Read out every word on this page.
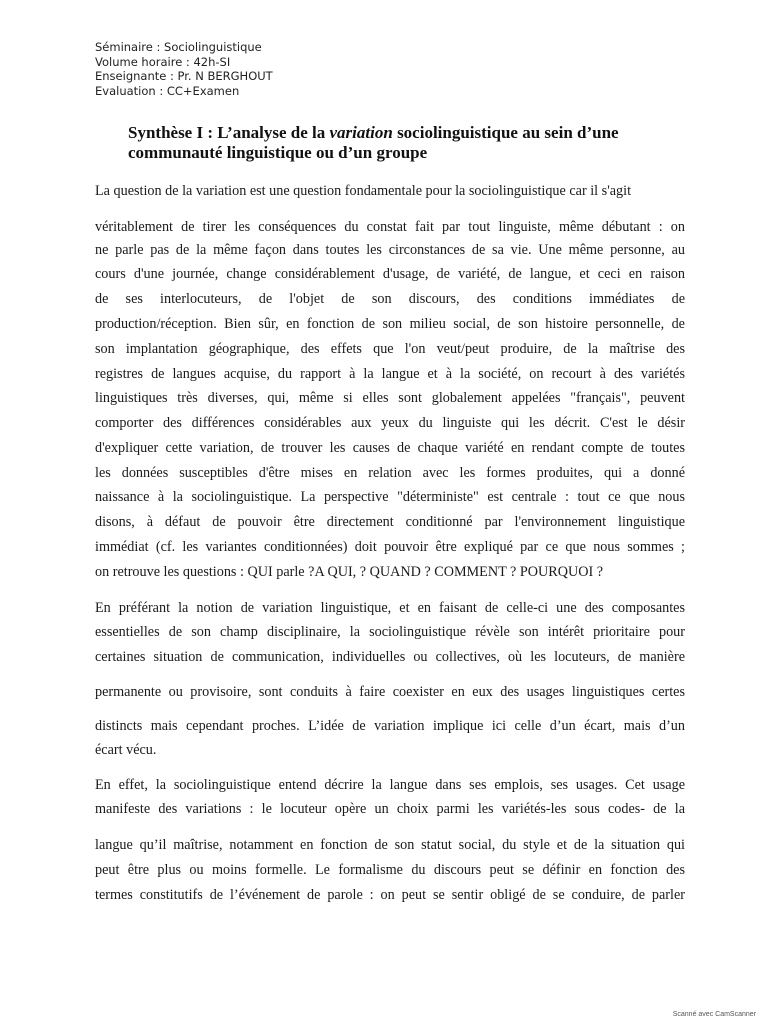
Séminaire : Sociolinguistique
Volume horaire : 42h-SI
Enseignante : Pr. N BERGHOUT
Evaluation : CC+Examen
Synthèse I : L’analyse de la variation sociolinguistique au sein d’une
communauté linguistique ou d’un groupe
La question de la variation est une question fondamentale pour la sociolinguistique car il s'agit
véritablement de tirer les conséquences du constat fait par tout linguiste, même débutant : on
ne parle pas de la même façon dans toutes les circonstances de sa vie. Une même personne, au
cours d'une journée, change considérablement d'usage, de variété, de langue, et ceci en raison
de ses interlocuteurs, de l'objet de son discours, des conditions immédiates de
production/réception. Bien sûr, en fonction de son milieu social, de son histoire personnelle, de
son implantation géographique, des effets que l'on veut/peut produire, de la maîtrise des
registres de langues acquise, du rapport à la langue et à la société, on recourt à des variétés
linguistiques très diverses, qui, même si elles sont globalement appelées "français", peuvent
comporter des différences considérables aux yeux du linguiste qui les décrit. C'est le désir
d'expliquer cette variation, de trouver les causes de chaque variété en rendant compte de toutes
les données susceptibles d'être mises en relation avec les formes produites, qui a donné
naissance à la sociolinguistique. La perspective "déterministe" est centrale : tout ce que nous
disons, à défaut de pouvoir être directement conditionné par l'environnement linguistique
immédiat (cf. les variantes conditionnées) doit pouvoir être expliqué par ce que nous sommes ;
on retrouve les questions : QUI parle ?A QUI, ? QUAND ? COMMENT ? POURQUOI ?
En préférant la notion de variation linguistique, et en faisant de celle-ci une des composantes
essentielles de son champ disciplinaire, la sociolinguistique révèle son intérêt prioritaire pour
certaines situation de communication, individuelles ou collectives, où les locuteurs, de manière
permanente ou provisoire, sont conduits à faire coexister en eux des usages linguistiques certes
distincts mais cependant proches. L’idée de variation implique ici celle d’un écart, mais d’un
écart vécu.
En effet, la sociolinguistique entend décrire la langue dans ses emplois, ses usages. Cet usage
manifeste des variations : le locuteur opère un choix parmi les variétés-les sous codes- de la
langue qu’il maîtrise, notamment en fonction de son statut social, du style et de la situation qui
peut être plus ou moins formelle. Le formalisme du discours peut se définir en fonction des
termes constitutifs de l’événement de parole : on peut se sentir obligé de se conduire, de parler
Scanné avec CamScanner
